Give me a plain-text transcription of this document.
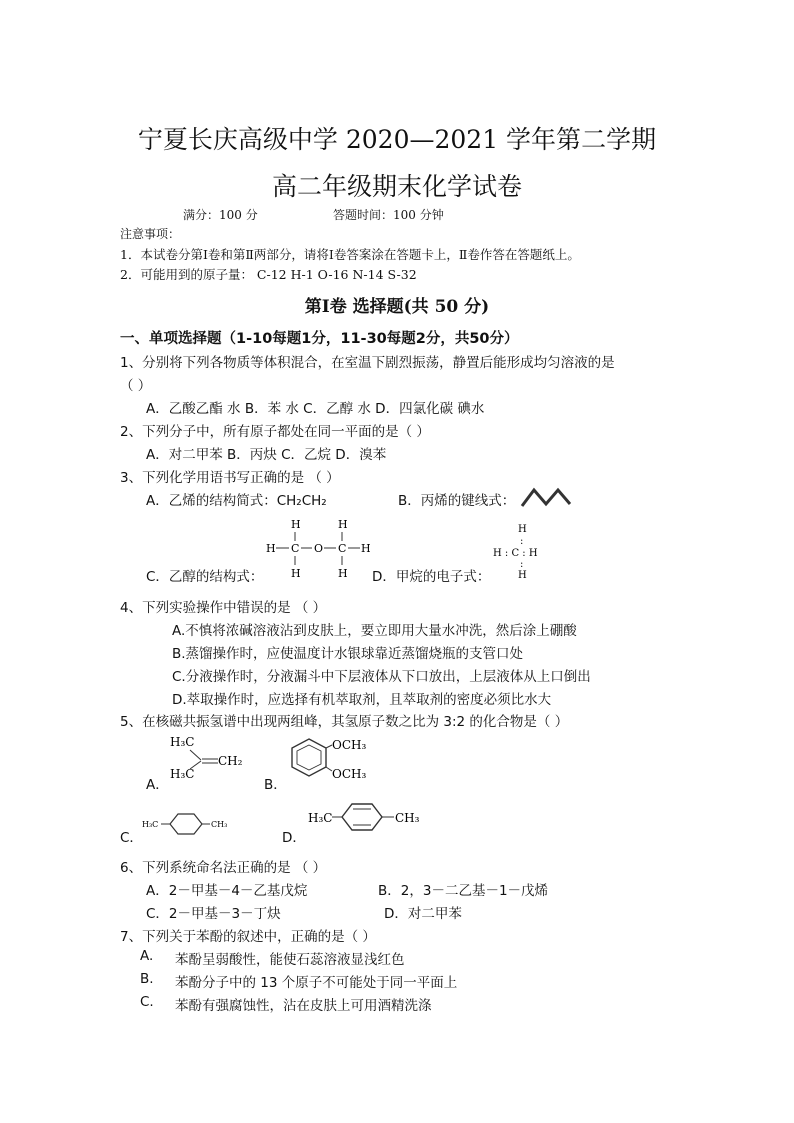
宁夏长庆高级中学 2020—2021 学年第二学期
高二年级期末化学试卷
满分：100 分	答题时间：100 分钟
注意事项：
1．本试卷分第Ⅰ卷和第Ⅱ两部分，请将Ⅰ卷答案涂在答题卡上，Ⅱ卷作答在答题纸上。
2．可能用到的原子量： C-12 H-1 O-16 N-14 S-32
第Ⅰ卷 选择题(共 50 分)
一、单项选择题（1-10每题1分，11-30每题2分，共50分）
1、分别将下列各物质等体积混合，在室温下剧烈振荡，静置后能形成均匀溶液的是
（ ）
A．乙酸乙酯 水 B．苯 水 C．乙醇 水 D．四氯化碳 碘水
2、下列分子中，所有原子都处在同一平面的是（ ）
A．对二甲苯 B．丙炔 C．乙烷 D．溴苯
3、下列化学用语书写正确的是 （ ）
A．乙烯的结构简式：CH₂CH₂	B．丙烯的键线式：
H	H
H C O C H
H	H
H
:
H : C : H
:
H
C．乙醇的结构式：	D．甲烷的电子式：
4、下列实验操作中错误的是 （ ）
A.不慎将浓碱溶液沾到皮肤上，要立即用大量水冲洗，然后涂上硼酸
B.蒸馏操作时，应使温度计水银球靠近蒸馏烧瓶的支管口处
C.分液操作时，分液漏斗中下层液体从下口放出，上层液体从上口倒出
D.萃取操作时，应选择有机萃取剂，且萃取剂的密度必须比水大
5、在核磁共振氢谱中出现两组峰，其氢原子数之比为 3:2 的化合物是（ ）
H₃C
H₃C
CH₂
A．
OCH₃
OCH₃
B．
H₃C	CH₃
C．
H₃C	CH₃
D．
6、下列系统命名法正确的是 （ ）
A．2－甲基－4－乙基戊烷	B．2，3－二乙基－1－戊烯
C．2－甲基－3－丁炔	D．对二甲苯
7、下列关于苯酚的叙述中，正确的是（ ）
A. 苯酚呈弱酸性，能使石蕊溶液显浅红色
B. 苯酚分子中的 13 个原子不可能处于同一平面上
C. 苯酚有强腐蚀性，沾在皮肤上可用酒精洗涤
